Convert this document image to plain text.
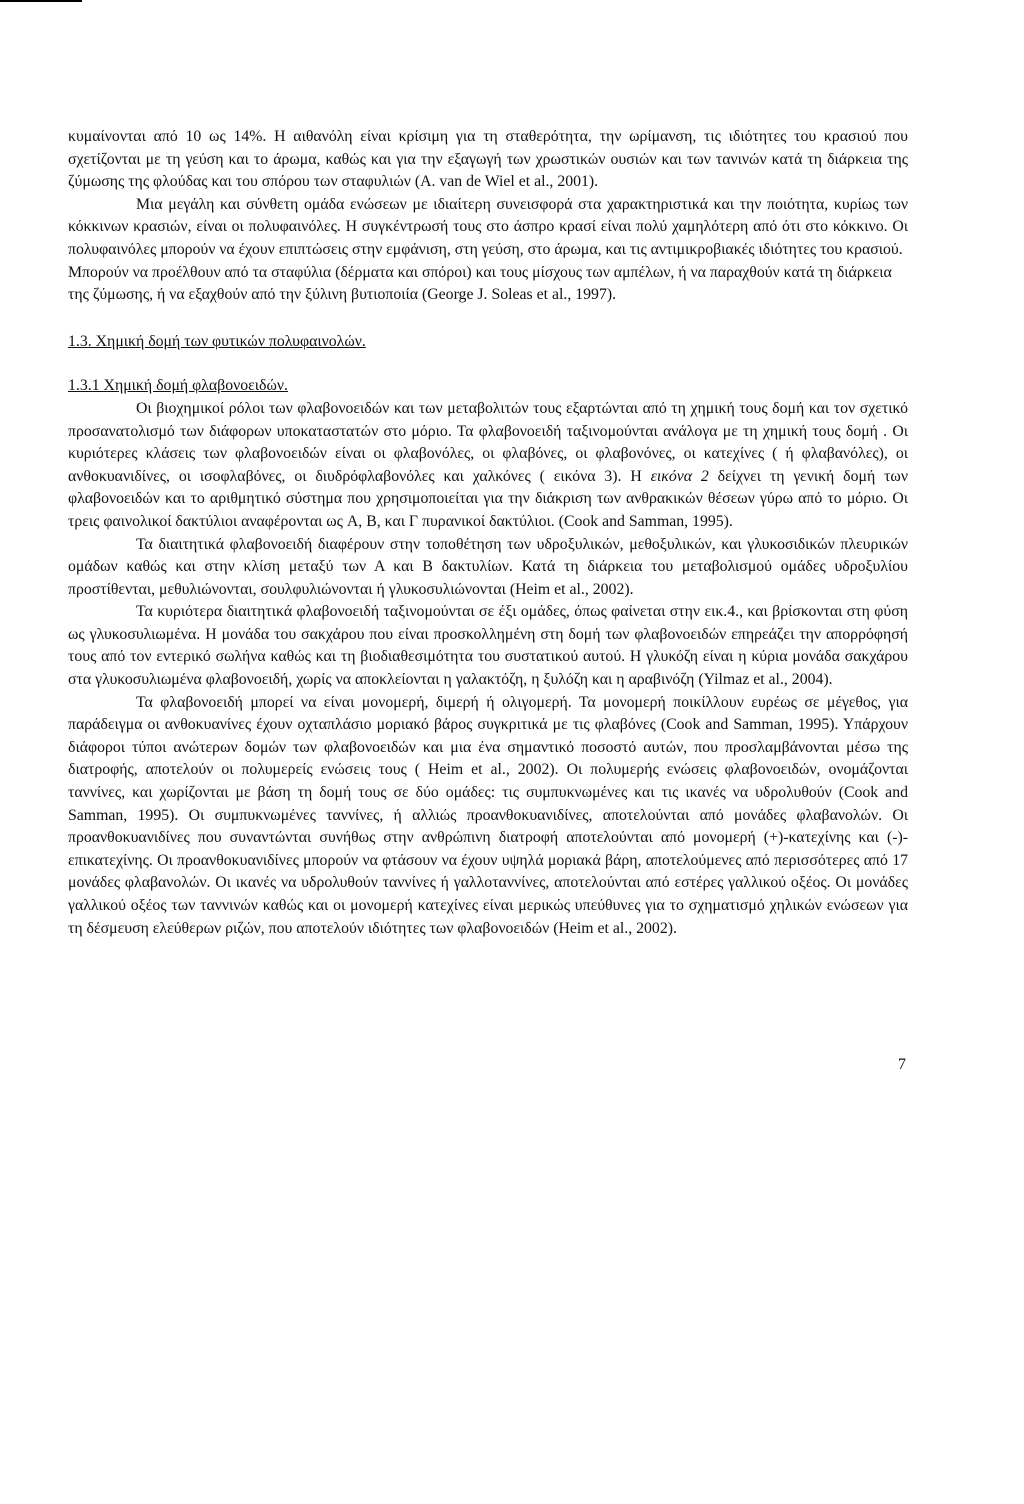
κυμαίνονται από 10 ως 14%. Η αιθανόλη είναι κρίσιμη για τη σταθερότητα, την ωρίμανση, τις ιδιότητες του κρασιού που σχετίζονται με τη γεύση και το άρωμα, καθώς και για την εξαγωγή των χρωστικών ουσιών και των τανινών κατά τη διάρκεια της ζύμωσης της φλούδας και του σπόρου των σταφυλιών (A. van de Wiel et al., 2001).

Μια μεγάλη και σύνθετη ομάδα ενώσεων με ιδιαίτερη συνεισφορά στα χαρακτηριστικά και την ποιότητα, κυρίως των κόκκινων κρασιών, είναι οι πολυφαινόλες. Η συγκέντρωσή τους στο άσπρο κρασί είναι πολύ χαμηλότερη από ότι στο κόκκινο. Οι πολυφαινόλες μπορούν να έχουν επιπτώσεις στην εμφάνιση, στη γεύση, στο άρωμα, και τις αντιμικροβιακές ιδιότητες του κρασιού.

Μπορούν να προέλθουν από τα σταφύλια (δέρματα και σπόροι) και τους μίσχους των αμπέλων, ή να παραχθούν κατά τη διάρκεια της ζύμωσης, ή να εξαχθούν από την ξύλινη βυτιοποιία (George J. Soleas et al., 1997).

1.3. Χημική δομή των φυτικών πολυφαινολών.
1.3.1 Χημική δομή φλαβονοειδών.

Οι βιοχημικοί ρόλοι των φλαβονοειδών και των μεταβολιτών τους εξαρτώνται από τη χημική τους δομή και τον σχετικό προσανατολισμό των διάφορων υποκαταστατών στο μόριο. Τα φλαβονοειδή ταξινομούνται ανάλογα με τη χημική τους δομή . Οι κυριότερες κλάσεις των φλαβονοειδών είναι οι φλαβονόλες, οι φλαβόνες, οι φλαβονόνες, οι κατεχίνες ( ή φλαβανόλες), οι ανθοκυανιδίνες, οι ισοφλαβόνες, οι διυδρόφλαβονόλες και χαλκόνες ( εικόνα 3). Η εικόνα 2 δείχνει τη γενική δομή των φλαβονοειδών και το αριθμητικό σύστημα που χρησιμοποιείται για την διάκριση των ανθρακικών θέσεων γύρω από το μόριο. Οι τρεις φαινολικοί δακτύλιοι αναφέρονται ως A, B, και Γ πυρανικοί δακτύλιοι. (Cook and Samman, 1995).

Τα διαιτητικά φλαβονοειδή διαφέρουν στην τοποθέτηση των υδροξυλικών, μεθοξυλικών, και γλυκοσιδικών πλευρικών ομάδων καθώς και στην κλίση μεταξύ των Α και Β δακτυλίων. Κατά τη διάρκεια του μεταβολισμού ομάδες υδροξυλίου προστίθενται, μεθυλιώνονται, σουλφυλιώνονται ή γλυκοσυλιώνονται (Heim et al., 2002).

Τα κυριότερα διαιτητικά φλαβονοειδή ταξινομούνται σε έξι ομάδες, όπως φαίνεται στην εικ.4., και βρίσκονται στη φύση ως γλυκοσυλιωμένα. Η μονάδα του σακχάρου που είναι προσκολλημένη στη δομή των φλαβονοειδών επηρεάζει την απορρόφησή τους από τον εντερικό σωλήνα καθώς και τη βιοδιαθεσιμότητα του συστατικού αυτού. Η γλυκόζη είναι η κύρια μονάδα σακχάρου στα γλυκοσυλιωμένα φλαβονοειδή, χωρίς να αποκλείονται η γαλακτόζη, η ξυλόζη και η αραβινόζη (Yilmaz et al., 2004).

Τα φλαβονοειδή μπορεί να είναι μονομερή, διμερή ή ολιγομερή. Τα μονομερή ποικίλλουν ευρέως σε μέγεθος, για παράδειγμα οι ανθοκυανίνες έχουν οχταπλάσιο μοριακό βάρος συγκριτικά με τις φλαβόνες (Cook and Samman, 1995). Υπάρχουν διάφοροι τύποι ανώτερων δομών των φλαβονοειδών και μια ένα σημαντικό ποσοστό αυτών, που προσλαμβάνονται μέσω της διατροφής, αποτελούν οι πολυμερείς ενώσεις τους ( Heim et al., 2002). Οι πολυμερής ενώσεις φλαβονοειδών, ονομάζονται ταννίνες, και χωρίζονται με βάση τη δομή τους σε δύο ομάδες: τις συμπυκνωμένες και τις ικανές να υδρολυθούν (Cook and Samman, 1995). Οι συμπυκνωμένες ταννίνες, ή αλλιώς προανθοκυανιδίνες, αποτελούνται από μονάδες φλαβανολών. Οι προανθοκυανιδίνες που συναντώνται συνήθως στην ανθρώπινη διατροφή αποτελούνται από μονομερή (+)-κατεχίνης και (-)-επικατεχίνης. Οι προανθοκυανιδίνες μπορούν να φτάσουν να έχουν υψηλά μοριακά βάρη, αποτελούμενες από περισσότερες από 17 μονάδες φλαβανολών. Οι ικανές να υδρολυθούν ταννίνες ή γαλλοταννίνες, αποτελούνται από εστέρες γαλλικού οξέος. Οι μονάδες γαλλικού οξέος των ταννινών καθώς και οι μονομερή κατεχίνες είναι μερικώς υπεύθυνες για το σχηματισμό χηλικών ενώσεων για τη δέσμευση ελεύθερων ριζών, που αποτελούν ιδιότητες των φλαβονοειδών (Heim et al., 2002).

7
